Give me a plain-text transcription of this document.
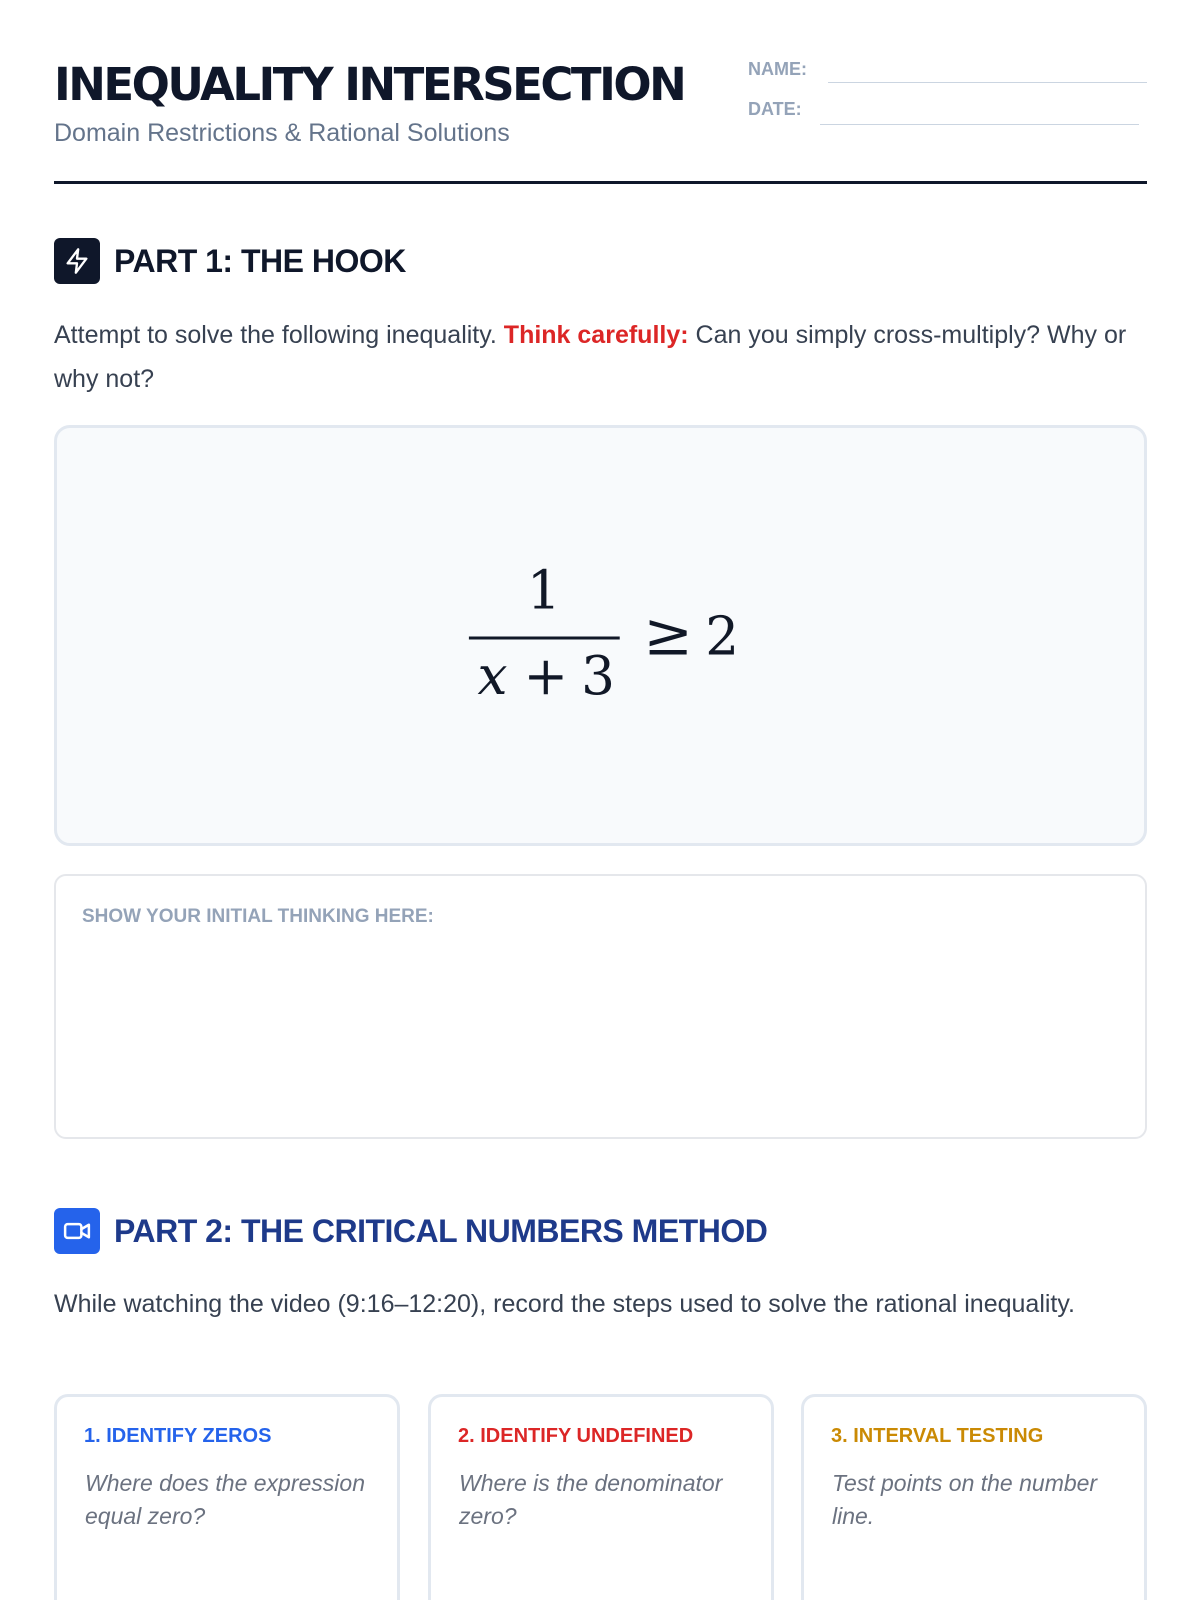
INEQUALITY INTERSECTION
Domain Restrictions & Rational Solutions
NAME:
DATE:
PART 1: THE HOOK
Attempt to solve the following inequality. Think carefully: Can you simply cross-multiply? Why or why not?
1
x + 3
≥ 2
SHOW YOUR INITIAL THINKING HERE:
PART 2: THE CRITICAL NUMBERS METHOD
While watching the video (9:16–12:20), record the steps used to solve the rational inequality.
1. IDENTIFY ZEROS
Where does the expression equal zero?
2. IDENTIFY UNDEFINED
Where is the denominator zero?
3. INTERVAL TESTING
Test points on the number line.
